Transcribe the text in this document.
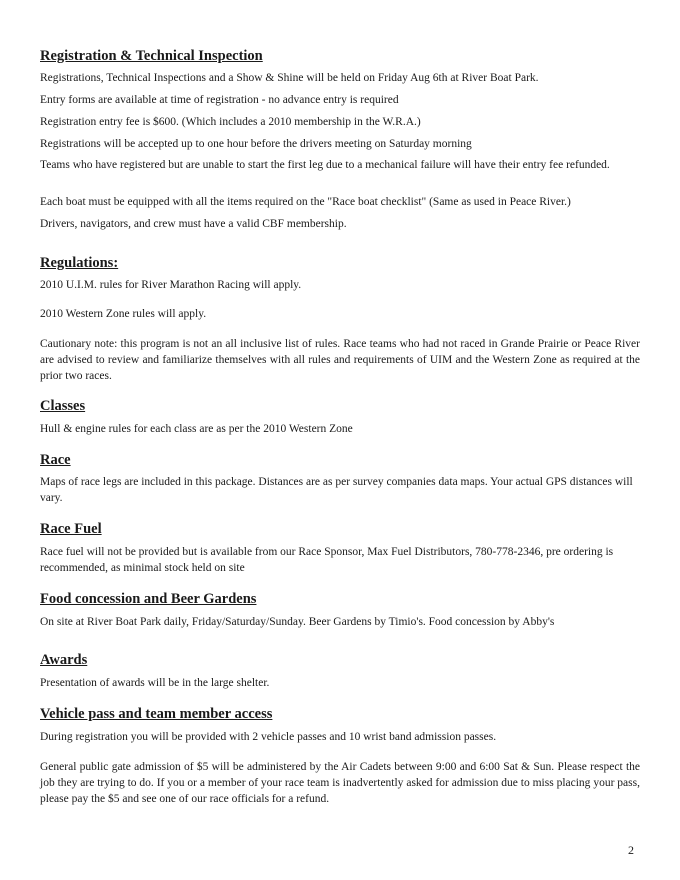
Registration & Technical Inspection
Registrations, Technical Inspections and a Show & Shine will be held on Friday Aug 6th at River Boat Park.
Entry forms are available at time of registration - no advance entry is required
Registration entry fee is $600. (Which includes a 2010 membership in the W.R.A.)
Registrations will be accepted up to one hour before the drivers meeting on Saturday morning
Teams who have registered but are unable to start the first leg due to a mechanical failure will have their entry fee refunded.
Each boat must be equipped with all the items required on the "Race boat checklist" (Same as used in Peace River.)
Drivers, navigators, and crew must have a valid CBF membership.
Regulations:
2010 U.I.M. rules for River Marathon Racing will apply.
2010 Western Zone rules will apply.
Cautionary note: this program is not an all inclusive list of rules. Race teams who had not raced in Grande Prairie or Peace River are advised to review and familiarize themselves with all rules and requirements of UIM and the Western Zone as required at the prior two races.
Classes
Hull & engine rules for each class are as per the 2010 Western Zone
Race
Maps of race legs are included in this package. Distances are as per survey companies data maps. Your actual GPS distances will vary.
Race Fuel
Race fuel will not be provided but is available from our Race Sponsor, Max Fuel Distributors, 780-778-2346, pre ordering is recommended, as minimal stock held on site
Food concession and Beer Gardens
On site at River Boat Park daily, Friday/Saturday/Sunday. Beer Gardens by Timio's. Food concession by Abby's
Awards
Presentation of awards will be in the large shelter.
Vehicle pass and team member access
During registration you will be provided with 2 vehicle passes and 10 wrist band admission passes.
General public gate admission of $5 will be administered by the Air Cadets between 9:00 and 6:00 Sat & Sun. Please respect the job they are trying to do. If you or a member of your race team is inadvertently asked for admission due to miss placing your pass, please pay the $5 and see one of our race officials for a refund.
2
